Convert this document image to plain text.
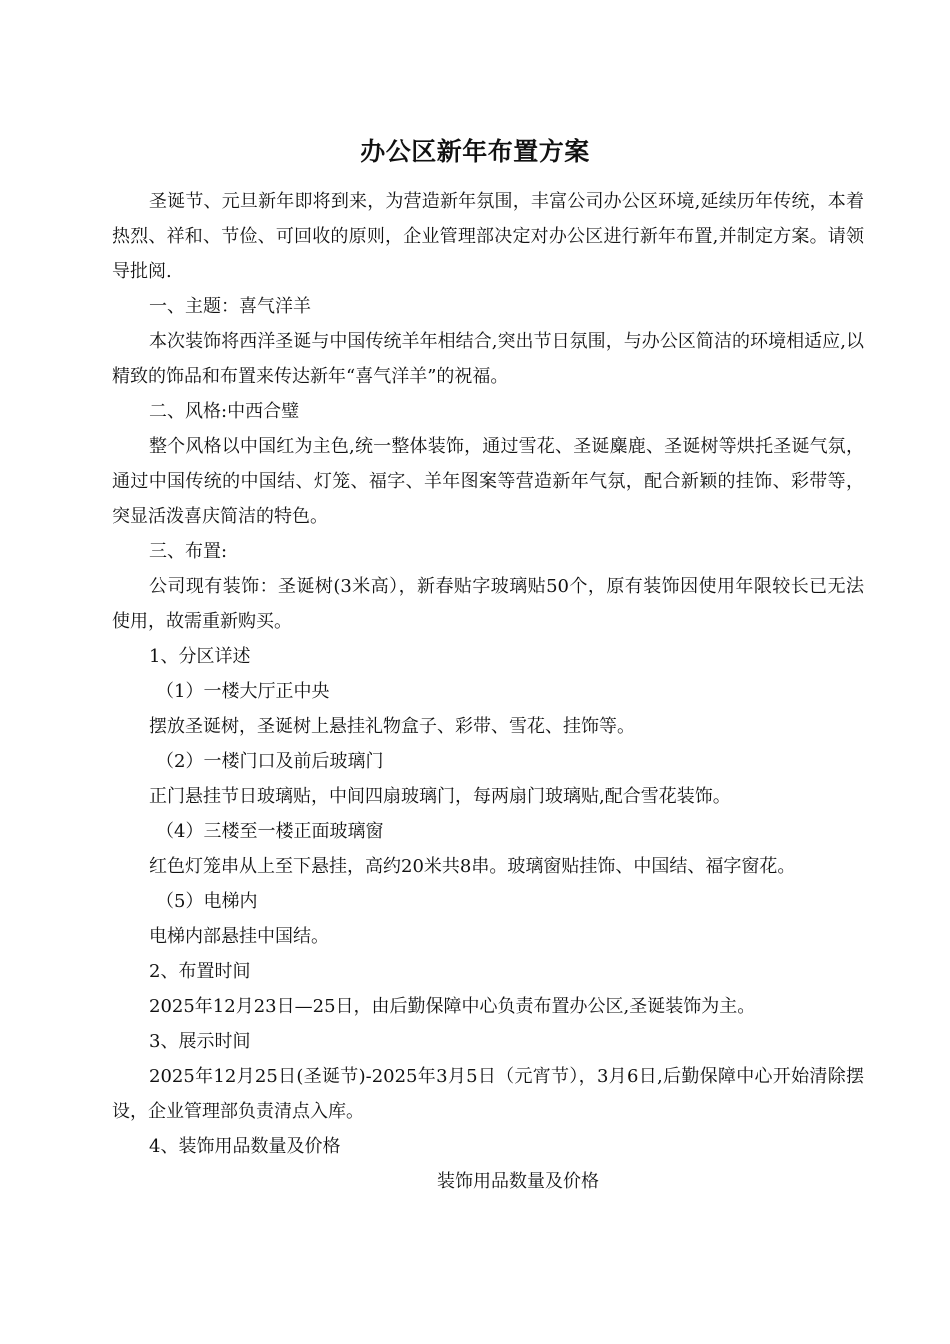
办公区新年布置方案

圣诞节、元旦新年即将到来，为营造新年氛围，丰富公司办公区环境,延续历年传统，本着热烈、祥和、节俭、可回收的原则，企业管理部决定对办公区进行新年布置,并制定方案。请领导批阅.

一、主题：喜气洋羊

本次装饰将西洋圣诞与中国传统羊年相结合,突出节日氛围，与办公区简洁的环境相适应,以精致的饰品和布置来传达新年“喜气洋羊”的祝福。

二、风格:中西合璧

整个风格以中国红为主色,统一整体装饰，通过雪花、圣诞麋鹿、圣诞树等烘托圣诞气氛，通过中国传统的中国结、灯笼、福字、羊年图案等营造新年气氛，配合新颖的挂饰、彩带等，突显活泼喜庆简洁的特色。

三、布置:

公司现有装饰：圣诞树(3米高），新春贴字玻璃贴50个，原有装饰因使用年限较长已无法使用，故需重新购买。

1、分区详述

（1）一楼大厅正中央

摆放圣诞树，圣诞树上悬挂礼物盒子、彩带、雪花、挂饰等。

（2）一楼门口及前后玻璃门

正门悬挂节日玻璃贴，中间四扇玻璃门，每两扇门玻璃贴,配合雪花装饰。

（4）三楼至一楼正面玻璃窗

红色灯笼串从上至下悬挂，高约20米共8串。玻璃窗贴挂饰、中国结、福字窗花。

（5）电梯内

电梯内部悬挂中国结。

2、布置时间

2025年12月23日—25日，由后勤保障中心负责布置办公区,圣诞装饰为主。

3、展示时间

2025年12月25日(圣诞节)-2025年3月5日（元宵节），3月6日,后勤保障中心开始清除摆设，企业管理部负责清点入库。

4、装饰用品数量及价格

装饰用品数量及价格
